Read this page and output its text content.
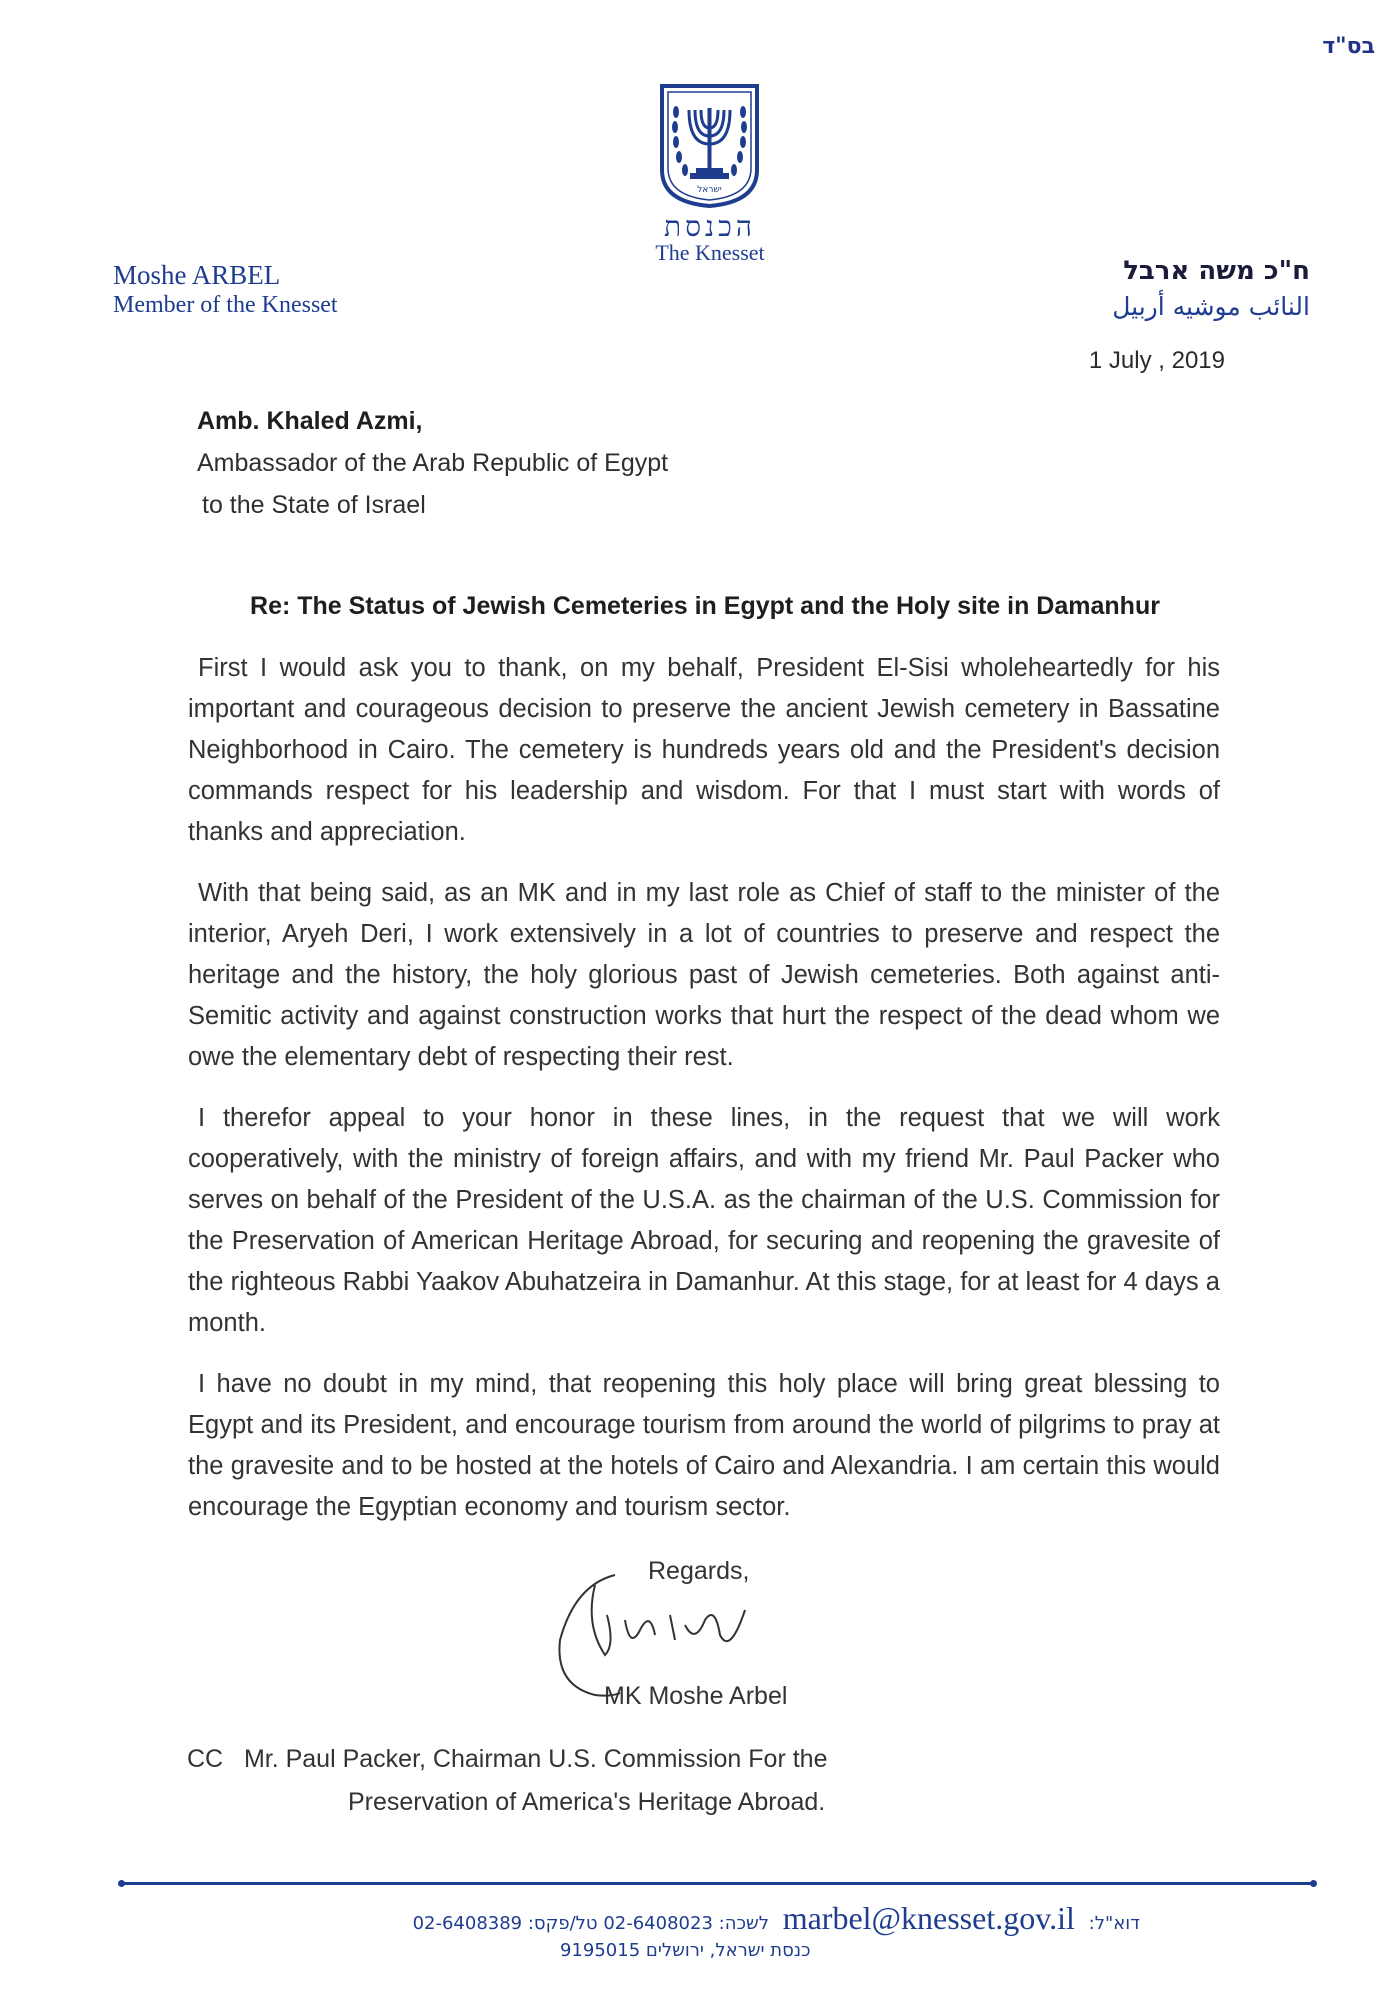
בס"ד
ישראל
הכנסת
The Knesset
Moshe ARBEL
Member of the Knesset
ח"כ משה ארבל
النائب موشيه أربيل
1 July , 2019
Amb. Khaled Azmi,
Ambassador of the Arab Republic of Egypt
to the State of Israel
Re: The Status of Jewish Cemeteries in Egypt and the Holy site in Damanhur

First I would ask you to thank, on my behalf, President El-Sisi wholeheartedly for his important and courageous decision to preserve the ancient Jewish cemetery in Bassatine Neighborhood in Cairo. The cemetery is hundreds years old and the President's decision commands respect for his leadership and wisdom. For that I must start with words of thanks and appreciation.

With that being said, as an MK and in my last role as Chief of staff to the minister of the interior, Aryeh Deri, I work extensively in a lot of countries to preserve and respect the heritage and the history, the holy glorious past of Jewish cemeteries. Both against anti-Semitic activity and against construction works that hurt the respect of the dead whom we owe the elementary debt of respecting their rest.

I therefor appeal to your honor in these lines, in the request that we will work cooperatively, with the ministry of foreign affairs, and with my friend Mr. Paul Packer who serves on behalf of the President of the U.S.A. as the chairman of the U.S. Commission for the Preservation of American Heritage Abroad, for securing and reopening the gravesite of the righteous Rabbi Yaakov Abuhatzeira in Damanhur. At this stage, for at least for 4 days a month.

I have no doubt in my mind, that reopening this holy place will bring great blessing to Egypt and its President, and encourage tourism from around the world of pilgrims to pray at the gravesite and to be hosted at the hotels of Cairo and Alexandria. I am certain this would encourage the Egyptian economy and tourism sector.

Regards,
משה ארבל MK Moshe Arbel
CC   Mr. Paul Packer, Chairman U.S. Commission For the
Preservation of America's Heritage Abroad.
דוא"ל: marbel@knesset.gov.il לשכה: 02-6408023 טל/פקס: 02-6408389
כנסת ישראל, ירושלים 9195015
